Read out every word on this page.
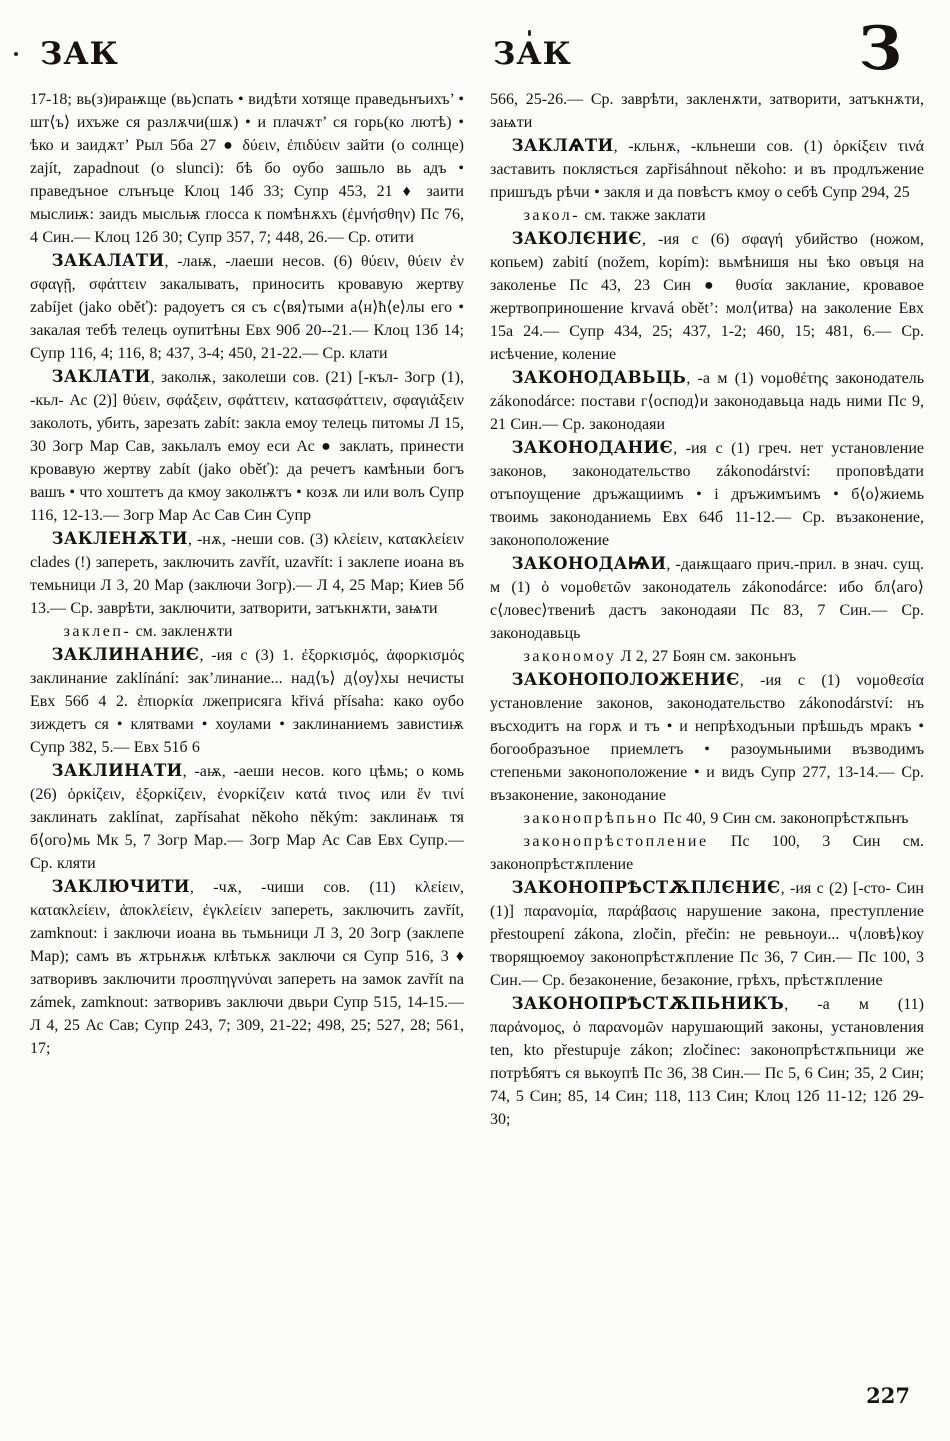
ЗАК	ЗАК	З

17-18; вь(з)ираѭще (вь)спать • видѣти хотяще праведьнъихъ’ • шт⟨ъ⟩ ихъже ся разлѫчи(шѫ) • и плачѫт’ ся горь(ко лютѣ) • ѣко и заидѫт’ Рыл 5ба 27 ● δύειν, ἐπιδύειν зайти (о солнце) zajít, zapadnout (о slunci): бѣ бо оубо зашьло вь адъ • праведъное слънъце Клоц 14б 33; Супр 453, 21 ♦ заити мыслиѭ: заидъ мысльѭ глосса к помѣнѫхъ (ἐμνήσθην) Пс 76, 4 Син.— Клоц 12б 30; Супр 357, 7; 448, 26.— Ср. отити

ЗАКАЛАТИ, -лаѭ, -лаеши несов. (6) θύειν, θύειν ἐν σφαγῇ, σφάττειν закалывать, приносить кровавую жертву zabíjet (jako oběť): радоуетъ ся съ с⟨вя⟩тыми а⟨н⟩ћ⟨е⟩лы его • закалая тебѣ телець оупитѣны Евх 90б 20--21.— Клоц 13б 14; Супр 116, 4; 116, 8; 437, 3-4; 450, 21-22.— Ср. клати

ЗАКЛАТИ, заколѭ, заколеши сов. (21) [-къл- Зогр (1), -кьл- Ас (2)] θύειν, σφάξειν, σφάττειν, κατασφάττειν, σφαγιάξειν заколоть, убить, зарезать zabít: закла емоу телець питомы Л 15, 30 Зогр Мар Сав, закьлалъ емоу еси Ас ● заклать, принести кровавую жертву zabít (jako oběť): да речетъ камѣныи богъ вашъ • что хоштетъ да кмоу заколѭтъ • козѫ ли или волъ Супр 116, 12-13.— Зогр Мар Ас Сав Син Супр

ЗАКЛЕНѪТИ, -нѫ, -неши сов. (3) κλείειν, κατακλείειν clades (!) запереть, заключить zavřít, uzavřít: і заклепе иоана въ темьници Л 3, 20 Мар (заключи Зогр).— Л 4, 25 Мар; Киев 5б 13.— Ср. заврѣти, заключити, затворити, затъкнѫти, заѩти

заклеп- см. закленѫти

ЗАКЛИНАНИЄ, -ия с (3) 1. ἐξορκισμός, ἀφορκισμός заклинание zaklínání: зак’линание... над⟨ъ⟩ д⟨оу⟩хы нечисты Евх 56б 4 2. ἐπιορκία лжеприсяга křivá přísaha: како оубо зиждетъ ся • клятвами • хоулами • заклинаниемъ завистиѭ Супр 382, 5.— Евх 51б 6

ЗАКЛИНАТИ, -аѭ, -аеши несов. кого цѣмь; о комь (26) ὁρκίζειν, ἐξορκίζειν, ἐνορκίζειν κατά τινος или ἔν τινί заклинать zaklínat, zapřísahat někoho někým: заклинаѭ тя б⟨ого⟩мь Мк 5, 7 Зогр Мар.— Зогр Мар Ас Сав Евх Супр.— Ср. кляти

ЗАКЛЮЧИТИ, -чѫ, -чиши сов. (11) κλείειν, κατακλείειν, ἀποκλείειν, ἐγκλείειν запереть, заключить zavřít, zamknout: і заключи иоана вь тьмьници Л 3, 20 Зогр (заклепе Мар); самъ въ ѫтрьнѫѭ клѣтькѫ заключи ся Супр 516, 3 ♦ затворивъ заключити προσπηγνύναι запереть на замок zavřít na zámek, zamknout: затворивъ заключи двьри Супр 515, 14-15.— Л 4, 25 Ас Сав; Супр 243, 7; 309, 21-22; 498, 25; 527, 28; 561, 17;

566, 25-26.— Ср. заврѣти, закленѫти, затворити, затъкнѫти, заѩти

ЗАКЛѦТИ, -кльнѫ, -кльнеши сов. (1) ὁρκίξειν τινά заставить поклясться zapřisáhnout někoho: и въ продлъжение пришъдъ рѣчи • закля и да повѣстъ кмоу о себѣ Супр 294, 25

закол- см. также заклати

ЗАКОЛЄНИЄ, -ия с (6) σφαγή убийство (ножом, копьем) zabití (nožem, kopím): вьмѣнишя ны ѣко овъця на заколенье Пс 43, 23 Син ● θυσία заклание, кровавое жертвоприношение krvavá obět’: мол⟨итва⟩ на заколение Евх 15а 24.— Супр 434, 25; 437, 1-2; 460, 15; 481, 6.— Ср. исѣчение, коление

ЗАКОНОДАВЬЦЬ, -а м (1) νομοθέτης законодатель zákonodárce: постави г⟨оспод⟩и законодавьца надь ними Пс 9, 21 Син.— Ср. законодаяи

ЗАКОНОДАНИЄ, -ия с (1) греч. нет установление законов, законодательство zákonodárství: проповѣдати отъпоущение дръжащиимъ • і дръжимъимъ • б⟨о⟩жиемь твоимь законоданиемь Евх 64б 11-12.— Ср. възаконение, законоположение

ЗАКОНОДАѨИ, -даѭщааго прич.-прил. в знач. сущ. м (1) ὁ νομοθετῶν законодатель zákonodárce: ибо бл⟨аго⟩с⟨ловес⟩твениѣ дастъ законодаяи Пс 83, 7 Син.— Ср. законодавьць

закономоу Л 2, 27 Боян см. законьнъ

ЗАКОНОПОЛОЖЕНИЄ, -ия с (1) νομοθεσία установление законов, законодательство zákonodárství: нъ въсходитъ на горѫ и тъ • и непрѣходъныи прѣшьдъ мракъ • богообразъное приемлетъ • разоумьныими възводимъ степеньми законоположение • и видъ Супр 277, 13-14.— Ср. възаконение, законодание

законопрѣпьно Пс 40, 9 Син см. законопрѣстѫпьнъ

законопрѣстопление Пс 100, 3 Син см. законопрѣстѫпление

ЗАКОНОПРѢСТѪПЛЄНИЄ, -ия с (2) [-сто- Син (1)] παρανομία, παράβασις нарушение закона, преступление přestoupení zákona, zločin, přečin: не ревьноуи... ч⟨ловѣ⟩коу творящюемоу законопрѣстѫпление Пс 36, 7 Син.— Пс 100, 3 Син.— Ср. безаконение, безаконие, грѣхъ, прѣстѫпление

ЗАКОНОПРѢСТѪПЬНИКЪ, -а м (11) παράνομος, ὁ παρανομῶν нарушающий законы, установления ten, kto přestupuje zákon; zločinec: законопрѣстѫпьници же потрѣбятъ ся вькоупѣ Пс 36, 38 Син.— Пс 5, 6 Син; 35, 2 Син; 74, 5 Син; 85, 14 Син; 118, 113 Син; Клоц 12б 11-12; 12б 29-30;

227
